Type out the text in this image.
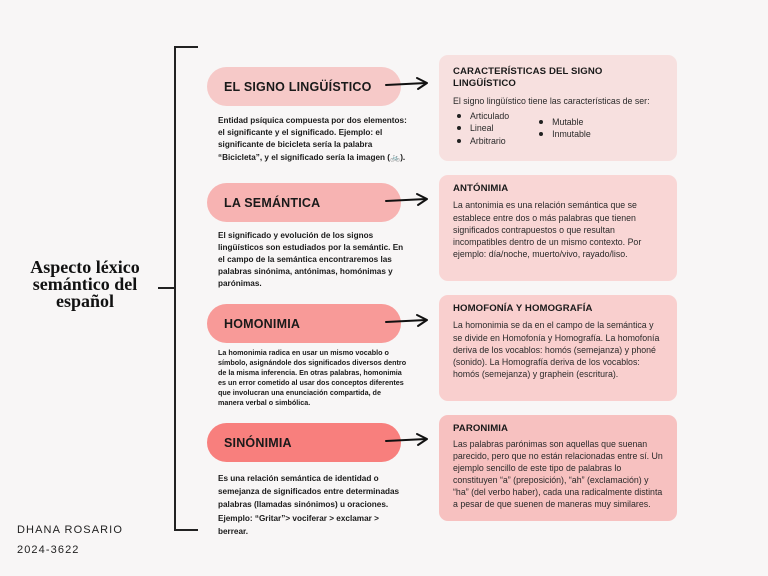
Aspecto léxico semántico del español
EL SIGNO LINGÜÍSTICO
Entidad psíquica compuesta por dos elementos: el significante y el significado. Ejemplo: el significante de bicicleta sería la palabra “Bicicleta”, y el significado sería la imagen (🚲).
CARACTERÍSTICAS DEL SIGNO LINGÜÍSTICO

El signo lingüístico tiene las características de ser:

Articulado
Lineal
Arbitrario
Mutable
Inmutable
LA SEMÁNTICA
El significado y evolución de los signos lingüísticos son estudiados por la semántic. En el campo de la semántica encontraremos las palabras sinónima, antónimas, homónimas y parónimas.
ANTÓNIMIA

La antonimia es una relación semántica que se establece entre dos o más palabras que tienen significados contrapuestos o que resultan incompatibles dentro de un mismo contexto. Por ejemplo: día/noche, muerto/vivo, rayado/liso.

HOMONIMIA
La homonimia radica en usar un mismo vocablo o símbolo, asignándole dos significados diversos dentro de la misma inferencia. En otras palabras, homonimia es un error cometido al usar dos conceptos diferentes que involucran una enunciación compartida, de manera verbal o simbólica.
HOMOFONÍA Y HOMOGRAFÍA

La homonimia se da en el campo de la semántica y se divide en Homofonía y Homografía. La homofonía deriva de los vocablos: homós (semejanza) y phoné (sonido). La Homografía deriva de los vocablos: homós (semejanza) y graphein (escritura).

SINÓNIMIA
Es una relación semántica de identidad o semejanza de significados entre determinadas palabras (llamadas sinónimos) u oraciones. Ejemplo: “Gritar”> vociferar > exclamar > berrear.
PARONIMIA

Las palabras parónimas son aquellas que suenan parecido, pero que no están relacionadas entre sí. Un ejemplo sencillo de este tipo de palabras lo constituyen “a” (preposición), “ah” (exclamación) y “ha” (del verbo haber), cada una radicalmente distinta a pesar de que suenen de maneras muy similares.

DHANA ROSARIO
2024-3622
